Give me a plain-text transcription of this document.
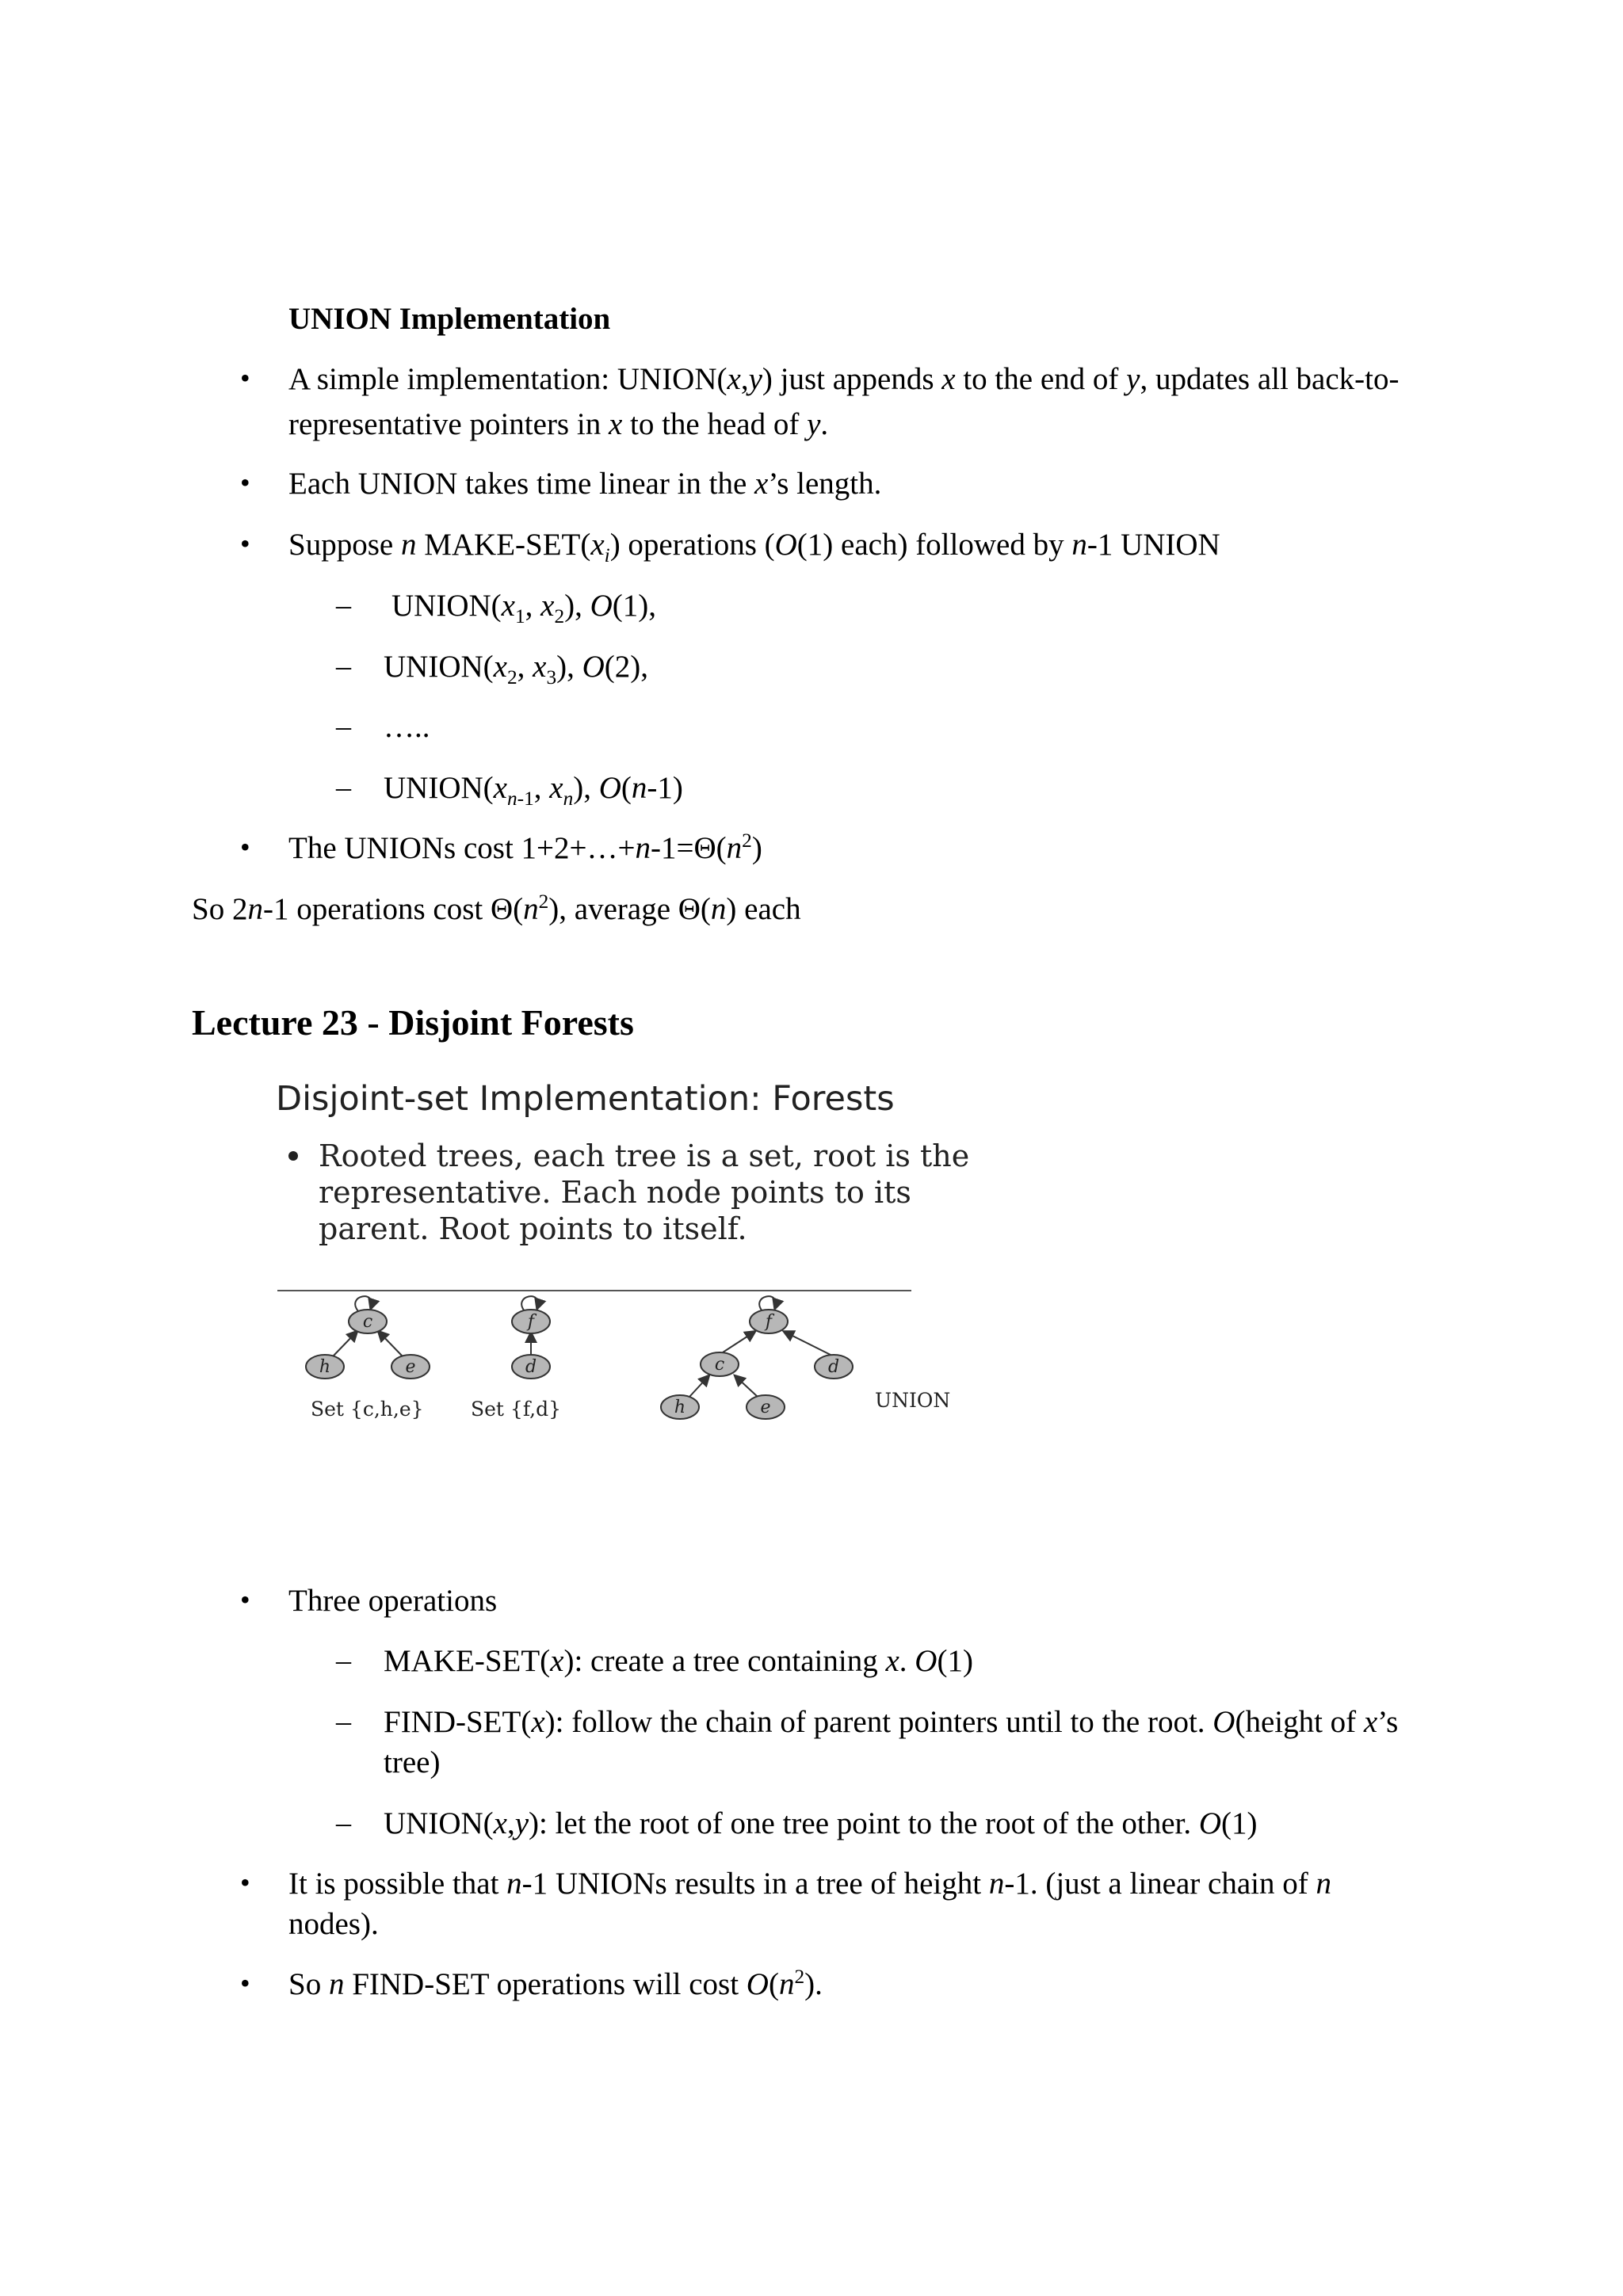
UNION Implementation
• A simple implementation: UNION(x,y) just appends x to the end of y, updates all back-to-
representative pointers in x to the head of y.
• Each UNION takes time linear in the x’s length.
• Suppose n MAKE-$SET(x_i)$ operations (O(1) each) followed by n-1 UNION
– $UNION(x_1$, $x_2$), O(1),
– $UNION(x_2$, $x_3$), O(2),
– …..
– $UNION(x_{n-1}$, $x_n$), O(n-1)
• The UNIONs cost $1+2+\dots+n-1=\Theta(n^2)$
So 2n-1 operations cost $\Theta(n^2)$, average Θ(n) each
Lecture 23 - Disjoint Forests
Disjoint-set Implementation: Forests
Rooted trees, each tree is a set, root is the
representative. Each node points to its
parent. Root points to itself.
c
h	e
f
d
f
c	d
h	e
Set {c,h,e} Set {f,d}	UNION
• Three operations
– MAKE-SET(x): create a tree containing x. O(1)
– FIND-SET(x): follow the chain of parent pointers until to the root. O(height of x’s
tree)
– UNION(x,y): let the root of one tree point to the root of the other. O(1)
• It is possible that n-1 UNIONs results in a tree of height n-1. (just a linear chain of n
nodes).
• So n FIND-SET operations will cost $O(n^2)$.
